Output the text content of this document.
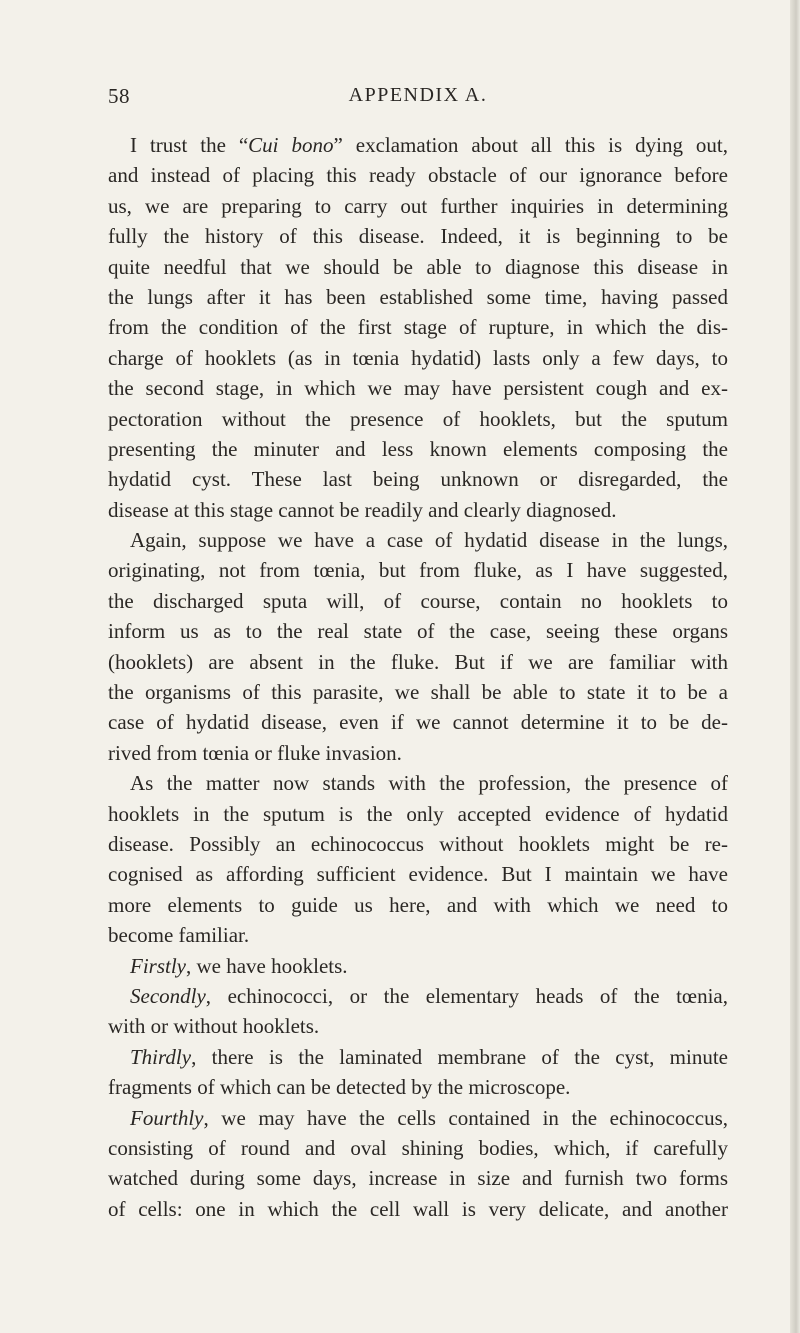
58	APPENDIX A.
I trust the “Cui bono” exclamation about all this is dying out,
and instead of placing this ready obstacle of our ignorance before
us, we are preparing to carry out further inquiries in determining
fully the history of this disease. Indeed, it is beginning to be
quite needful that we should be able to diagnose this disease in
the lungs after it has been established some time, having passed
from the condition of the first stage of rupture, in which the dis-
charge of hooklets (as in tœnia hydatid) lasts only a few days, to
the second stage, in which we may have persistent cough and ex-
pectoration without the presence of hooklets, but the sputum
presenting the minuter and less known elements composing the
hydatid cyst. These last being unknown or disregarded, the
disease at this stage cannot be readily and clearly diagnosed.
Again, suppose we have a case of hydatid disease in the lungs,
originating, not from tœnia, but from fluke, as I have suggested,
the discharged sputa will, of course, contain no hooklets to
inform us as to the real state of the case, seeing these organs
(hooklets) are absent in the fluke. But if we are familiar with
the organisms of this parasite, we shall be able to state it to be a
case of hydatid disease, even if we cannot determine it to be de-
rived from tœnia or fluke invasion.
As the matter now stands with the profession, the presence of
hooklets in the sputum is the only accepted evidence of hydatid
disease. Possibly an echinococcus without hooklets might be re-
cognised as affording sufficient evidence. But I maintain we have
more elements to guide us here, and with which we need to
become familiar.
Firstly, we have hooklets.
Secondly, echinococci, or the elementary heads of the tœnia,
with or without hooklets.
Thirdly, there is the laminated membrane of the cyst, minute
fragments of which can be detected by the microscope.
Fourthly, we may have the cells contained in the echinococcus,
consisting of round and oval shining bodies, which, if carefully
watched during some days, increase in size and furnish two forms
of cells: one in which the cell wall is very delicate, and another
